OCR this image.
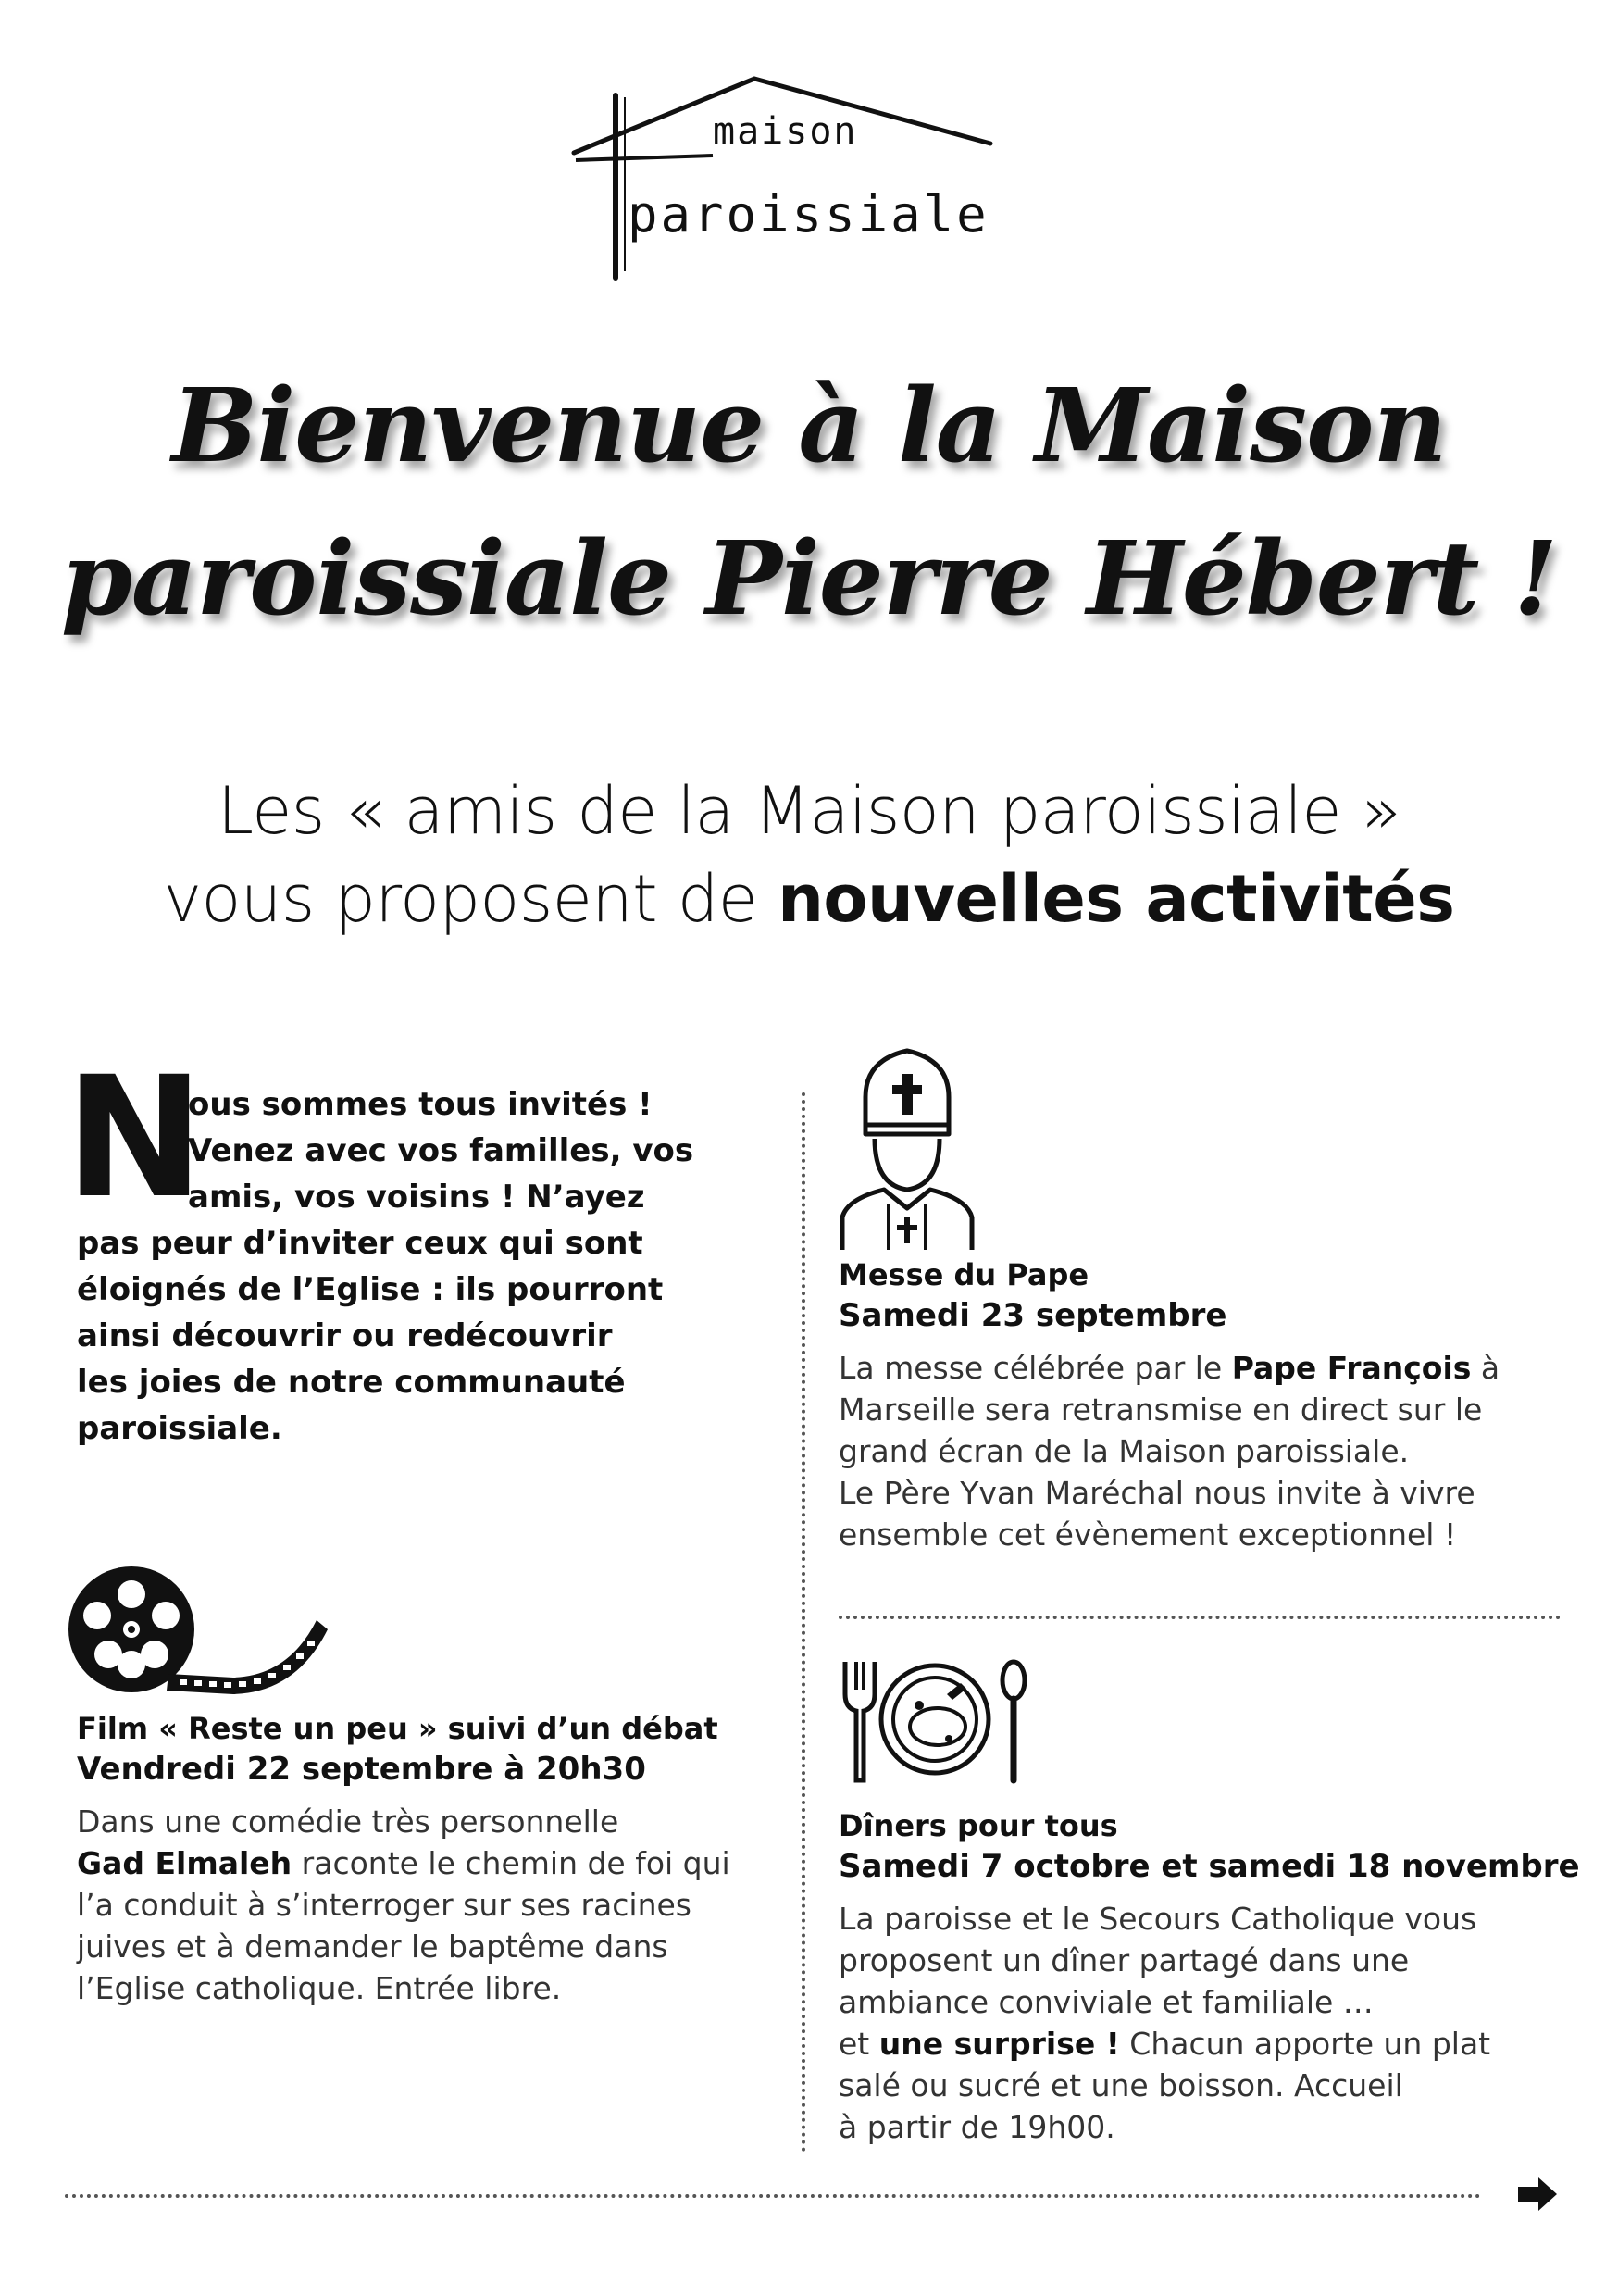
maison
paroissiale
Bienvenue à la Maison
paroissiale Pierre Hébert !
Les « amis de la Maison paroissiale »
vous proposent de nouvelles activités
N
ous sommes tous invités !
Venez avec vos familles, vos
amis, vos voisins ! N’ayez
pas peur d’inviter ceux qui sont
éloignés de l’Eglise : ils pourront
ainsi découvrir ou redécouvrir
les joies de notre communauté
paroissiale.
Messe du Pape
Samedi 23 septembre
La messe célébrée par le Pape François à
Marseille sera retransmise en direct sur le
grand écran de la Maison paroissiale.
Le Père Yvan Maréchal nous invite à vivre
ensemble cet évènement exceptionnel !
Film « Reste un peu » suivi d’un débat
Vendredi 22 septembre à 20h30
Dans une comédie très personnelle
Gad Elmaleh raconte le chemin de foi qui
l’a conduit à s’interroger sur ses racines
juives et à demander le baptême dans
l’Eglise catholique. Entrée libre.
Dîners pour tous
Samedi 7 octobre et samedi 18 novembre
La paroisse et le Secours Catholique vous
proposent un dîner partagé dans une
ambiance conviviale et familiale …
et une surprise ! Chacun apporte un plat
salé ou sucré et une boisson. Accueil
à partir de 19h00.
